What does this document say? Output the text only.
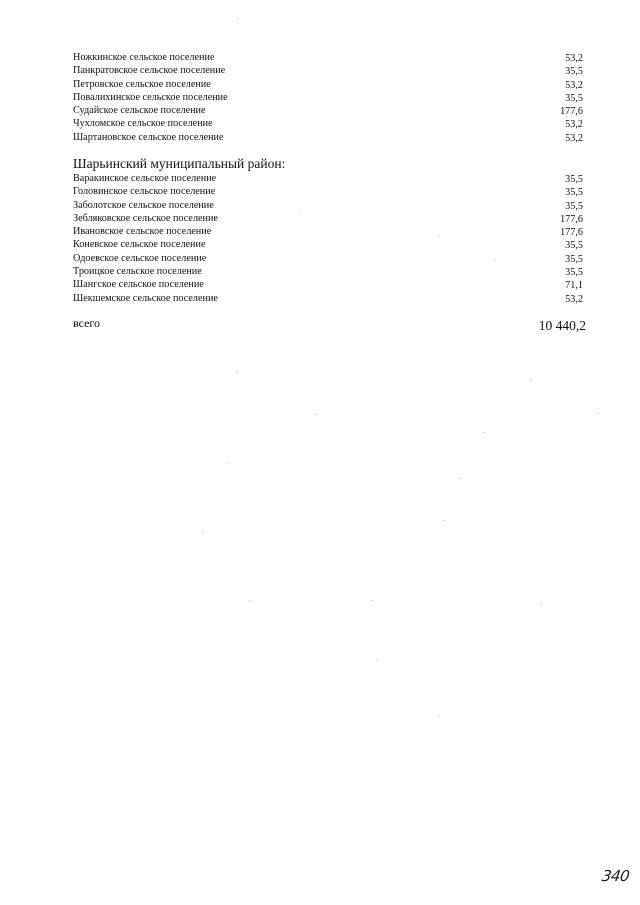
Ножкинское сельское поселение	53,2
Панкратовское сельское поселение	35,5
Петровское сельское поселение	53,2
Повалихинское сельское поселение	35,5
Судайское сельское поселение	177,6
Чухломское сельское поселение	53,2
Шартановское сельское поселение	53,2
Шарьинский муниципальный район:
Варакинское сельское поселение	35,5
Головинское сельское поселение	35,5
Заболотское сельское поселение	35,5
Зебляковское сельское поселение	177,6
Ивановское сельское поселение	177,6
Коневское сельское поселение	35,5
Одоевское сельское поселение	35,5
Троицкое сельское поселение	35,5
Шангское сельское поселение	71,1
Шекшемское сельское поселение	53,2
всего	10 440,2
340
